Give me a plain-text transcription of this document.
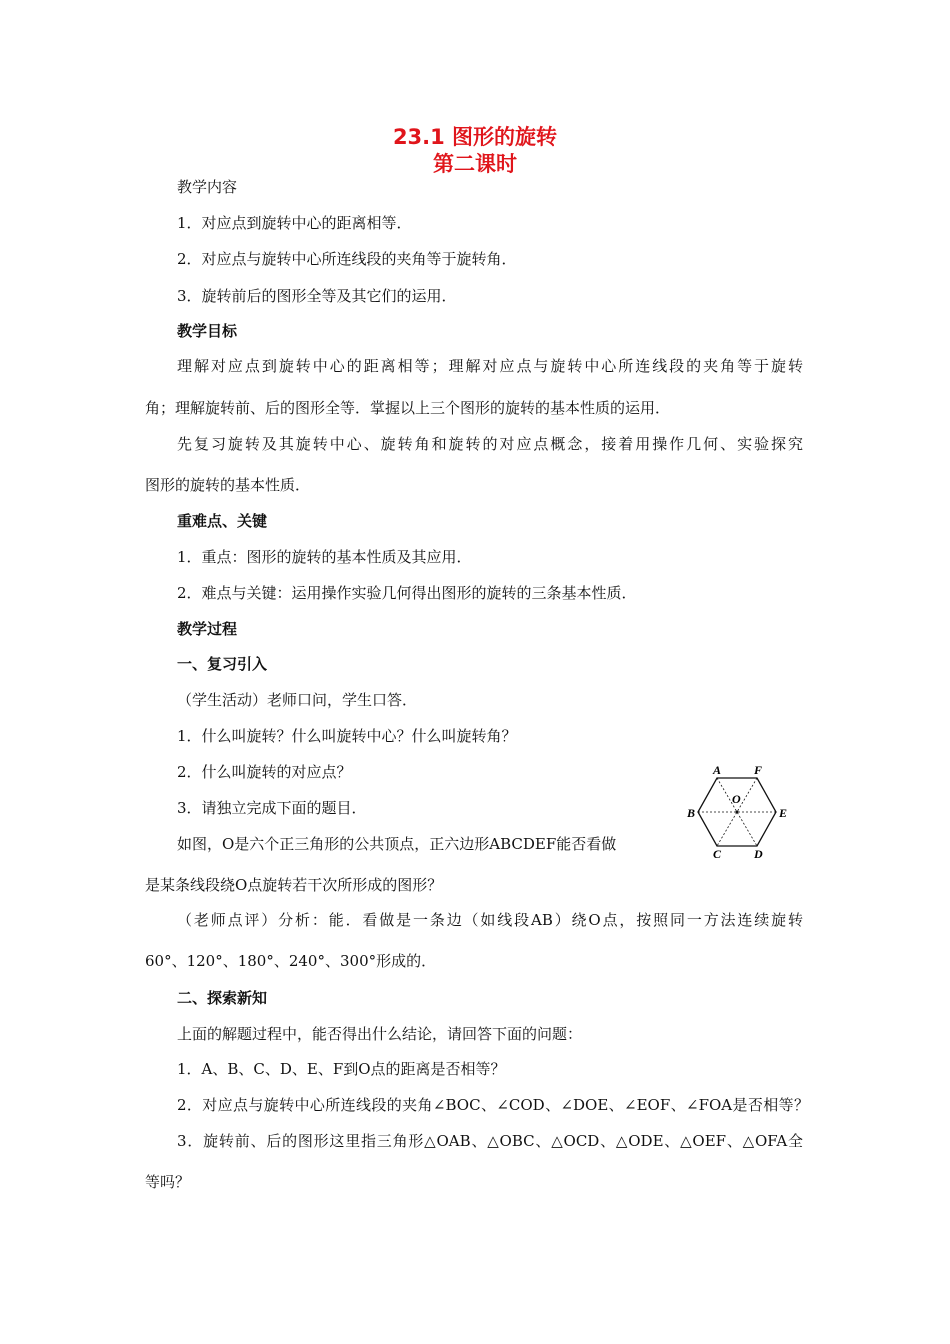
23.1 图形的旋转
第二课时
教学内容
1．对应点到旋转中心的距离相等．
2．对应点与旋转中心所连线段的夹角等于旋转角．
3．旋转前后的图形全等及其它们的运用．
教学目标
理解对应点到旋转中心的距离相等；理解对应点与旋转中心所连线段的夹角等于旋转
角；理解旋转前、后的图形全等．掌握以上三个图形的旋转的基本性质的运用．
先复习旋转及其旋转中心、旋转角和旋转的对应点概念，接着用操作几何、实验探究
图形的旋转的基本性质．
重难点、关键
1．重点：图形的旋转的基本性质及其应用．
2．难点与关键：运用操作实验几何得出图形的旋转的三条基本性质．
教学过程
一、复习引入
（学生活动）老师口问，学生口答．
1．什么叫旋转？什么叫旋转中心？什么叫旋转角？
2．什么叫旋转的对应点？
3．请独立完成下面的题目．
如图，O是六个正三角形的公共顶点，正六边形ABCDEF能否看做
是某条线段绕O点旋转若干次所形成的图形？
（老师点评）分析：能．看做是一条边（如线段AB）绕O点，按照同一方法连续旋转
60°、120°、180°、240°、300°形成的．
二、探索新知
上面的解题过程中，能否得出什么结论，请回答下面的问题：
1．A、B、C、D、E、F到O点的距离是否相等？
2．对应点与旋转中心所连线段的夹角∠BOC、∠COD、∠DOE、∠EOF、∠FOA是否相等？
3．旋转前、后的图形这里指三角形△OAB、△OBC、△OCD、△ODE、△OEF、△OFA全
等吗？
A	F
B
O
E
C	D
